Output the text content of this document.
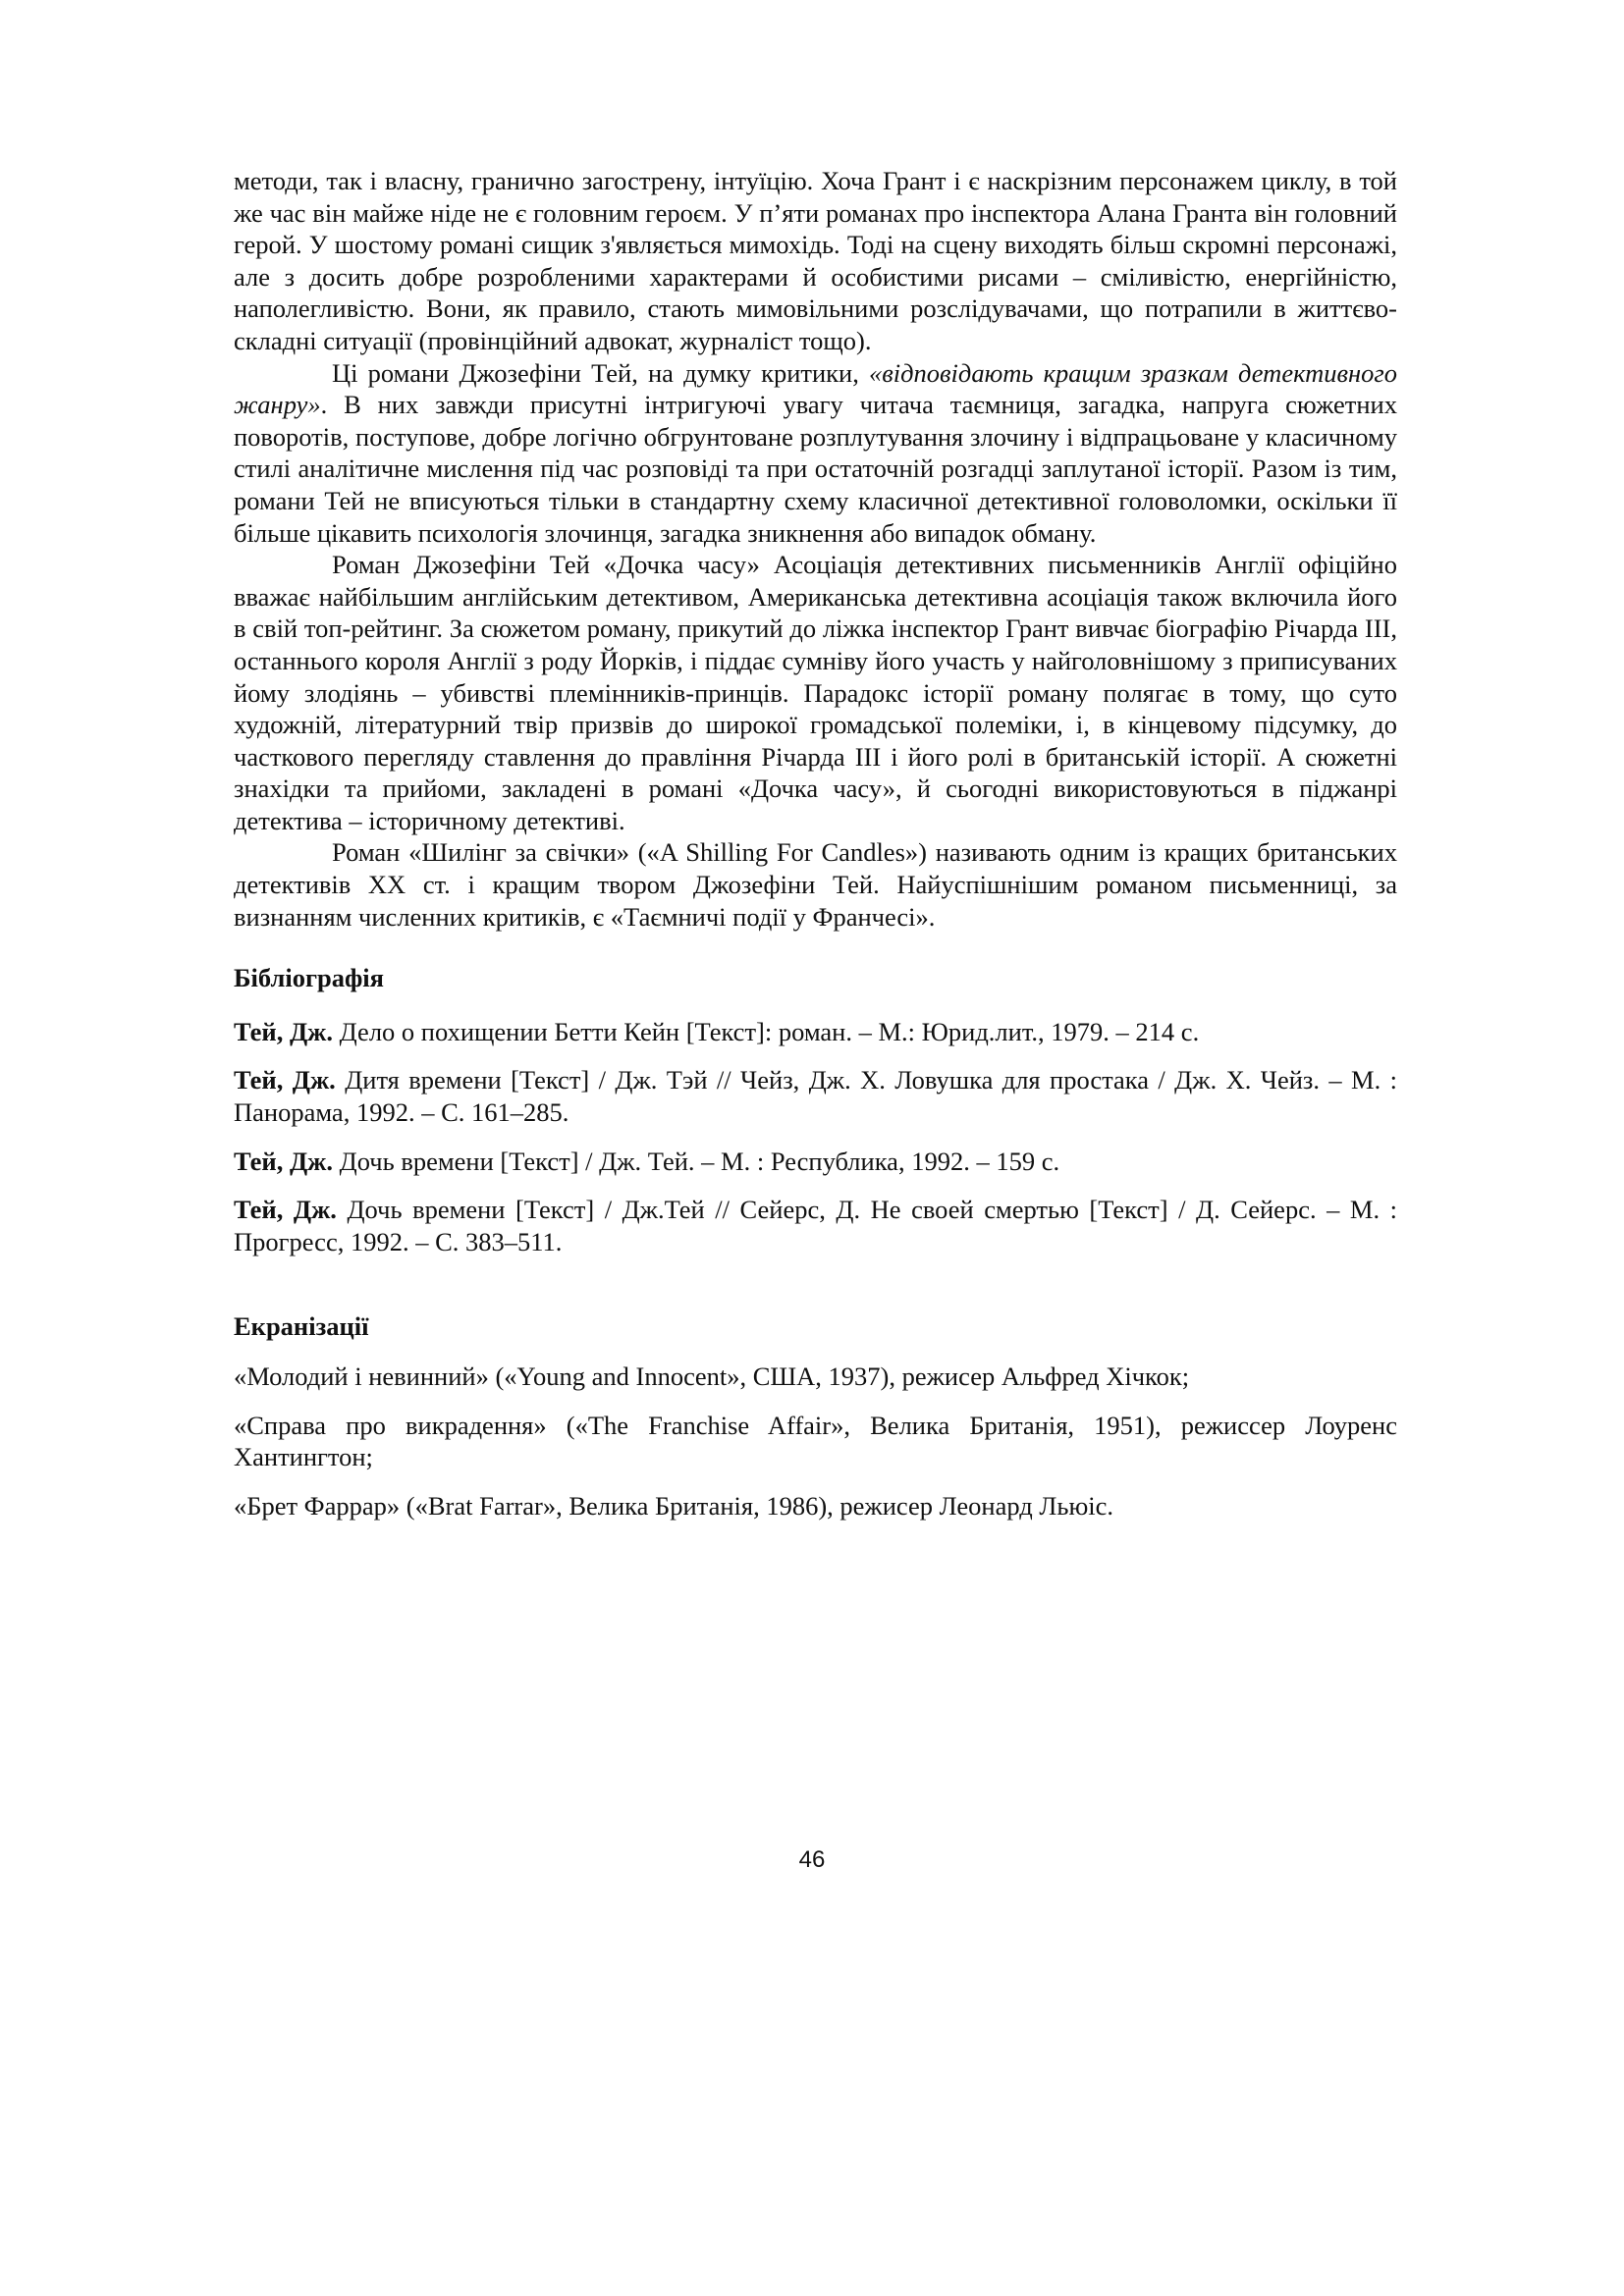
методи, так і власну, гранично загострену, інтуїцію. Хоча Грант і є наскрізним персонажем циклу, в той же час він майже ніде не є головним героєм. У п’яти романах про інспектора Алана Гранта він головний герой. У шостому романі сищик з'являється мимохідь. Тоді на сцену виходять більш скромні персонажі, але з досить добре розробленими характерами й особистими рисами – сміливістю, енергійністю, наполегливістю. Вони, як правило, стають мимовільними розслідувачами, що потрапили в життєво-складні ситуації (провінційний адвокат, журналіст тощо).

Ці романи Джозефіни Тей, на думку критики, «відповідають кращим зразкам детективного жанру». В них завжди присутні інтригуючі увагу читача таємниця, загадка, напруга сюжетних поворотів, поступове, добре логічно обгрунтоване розплутування злочину і відпрацьоване у класичному стилі аналітичне мислення під час розповіді та при остаточній розгадці заплутаної історії. Разом із тим, романи Тей не вписуються тільки в стандартну схему класичної детективної головоломки, оскільки її більше цікавить психологія злочинця, загадка зникнення або випадок обману.

Роман Джозефіни Тей «Дочка часу» Асоціація детективних письменників Англії офіційно вважає найбільшим англійським детективом, Американська детективна асоціація також включила його в свій топ-рейтинг. За сюжетом роману, прикутий до ліжка інспектор Грант вивчає біографію Річарда III, останнього короля Англії з роду Йорків, і піддає сумніву його участь у найголовнішому з приписуваних йому злодіянь – убивстві племінників-принців. Парадокс історії роману полягає в тому, що суто художній, літературний твір призвів до широкої громадської полеміки, і, в кінцевому підсумку, до часткового перегляду ставлення до правління Річарда III і його ролі в британській історії. А сюжетні знахідки та прийоми, закладені в романі «Дочка часу», й сьогодні використовуються в піджанрі детектива – історичному детективі.

Роман «Шилінг за свічки» («A Shilling For Candles») називають одним із кращих британських детективів XX ст. і кращим твором Джозефіни Тей. Найуспішнішим романом письменниці, за визнанням численних критиків, є «Таємничі події у Франчесі».

Бібліографія

Тей, Дж. Дело о похищении Бетти Кейн [Текст]: роман. – М.: Юрид.лит., 1979. – 214 с.

Тей, Дж. Дитя времени [Текст] / Дж. Тэй // Чейз, Дж. Х. Ловушка для простака / Дж. Х. Чейз. – М. : Панорама, 1992. – С. 161–285.

Тей, Дж. Дочь времени [Текст] / Дж. Тей. – М. : Республика, 1992. – 159 с.

Тей, Дж. Дочь времени [Текст] / Дж.Тей // Сейерс, Д. Не своей смертью [Текст] / Д. Сейерс. – М. : Прогресс, 1992. – С. 383–511.

Екранізації

«Молодий і невинний» («Young and Innocent», США, 1937), режисер Альфред Хічкок;

«Справа про викрадення» («The Franchise Affair», Велика Британія, 1951), режиссер Лоуренс Хантингтон;

«Брет Фаррар» («Brat Farrar», Велика Британія, 1986), режисер Леонард Льюіс.

46
